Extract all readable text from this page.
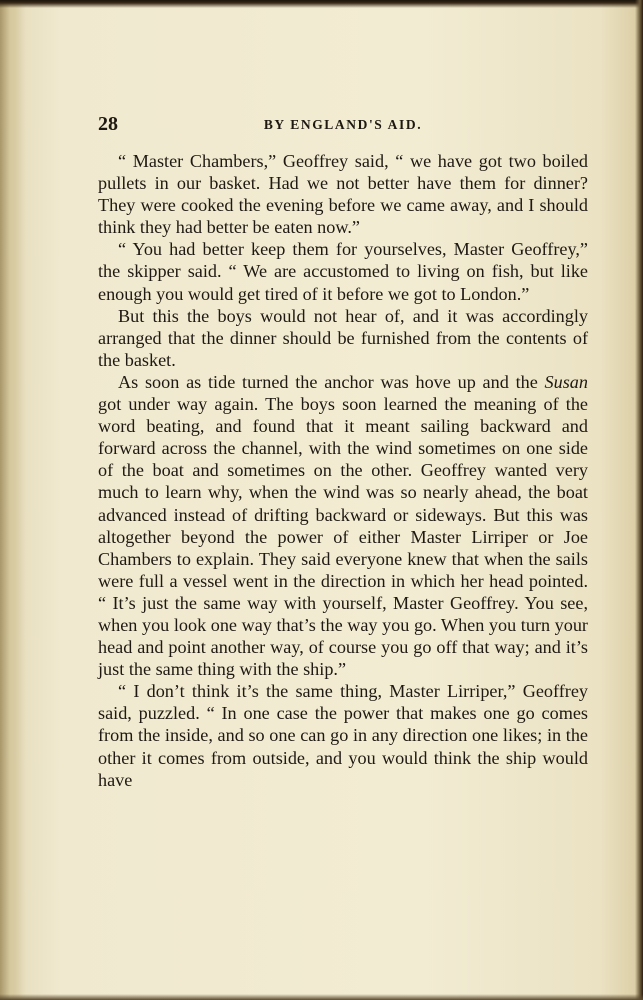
28	BY ENGLAND'S AID.

“ Master Chambers,” Geoffrey said, “ we have got two boiled pullets in our basket. Had we not better have them for dinner? They were cooked the evening before we came away, and I should think they had better be eaten now.”

“ You had better keep them for yourselves, Master Geoffrey,” the skipper said. “ We are accustomed to living on fish, but like enough you would get tired of it before we got to London.”

But this the boys would not hear of, and it was accordingly arranged that the dinner should be furnished from the contents of the basket.

As soon as tide turned the anchor was hove up and the Susan got under way again. The boys soon learned the meaning of the word beating, and found that it meant sailing backward and forward across the channel, with the wind sometimes on one side of the boat and sometimes on the other. Geoffrey wanted very much to learn why, when the wind was so nearly ahead, the boat advanced instead of drifting backward or sideways. But this was altogether beyond the power of either Master Lirriper or Joe Chambers to explain. They said everyone knew that when the sails were full a vessel went in the direction in which her head pointed. “ It’s just the same way with yourself, Master Geoffrey. You see, when you look one way that’s the way you go. When you turn your head and point another way, of course you go off that way; and it’s just the same thing with the ship.”

“ I don’t think it’s the same thing, Master Lirriper,” Geoffrey said, puzzled. “ In one case the power that makes one go comes from the inside, and so one can go in any direction one likes; in the other it comes from outside, and you would think the ship would have
